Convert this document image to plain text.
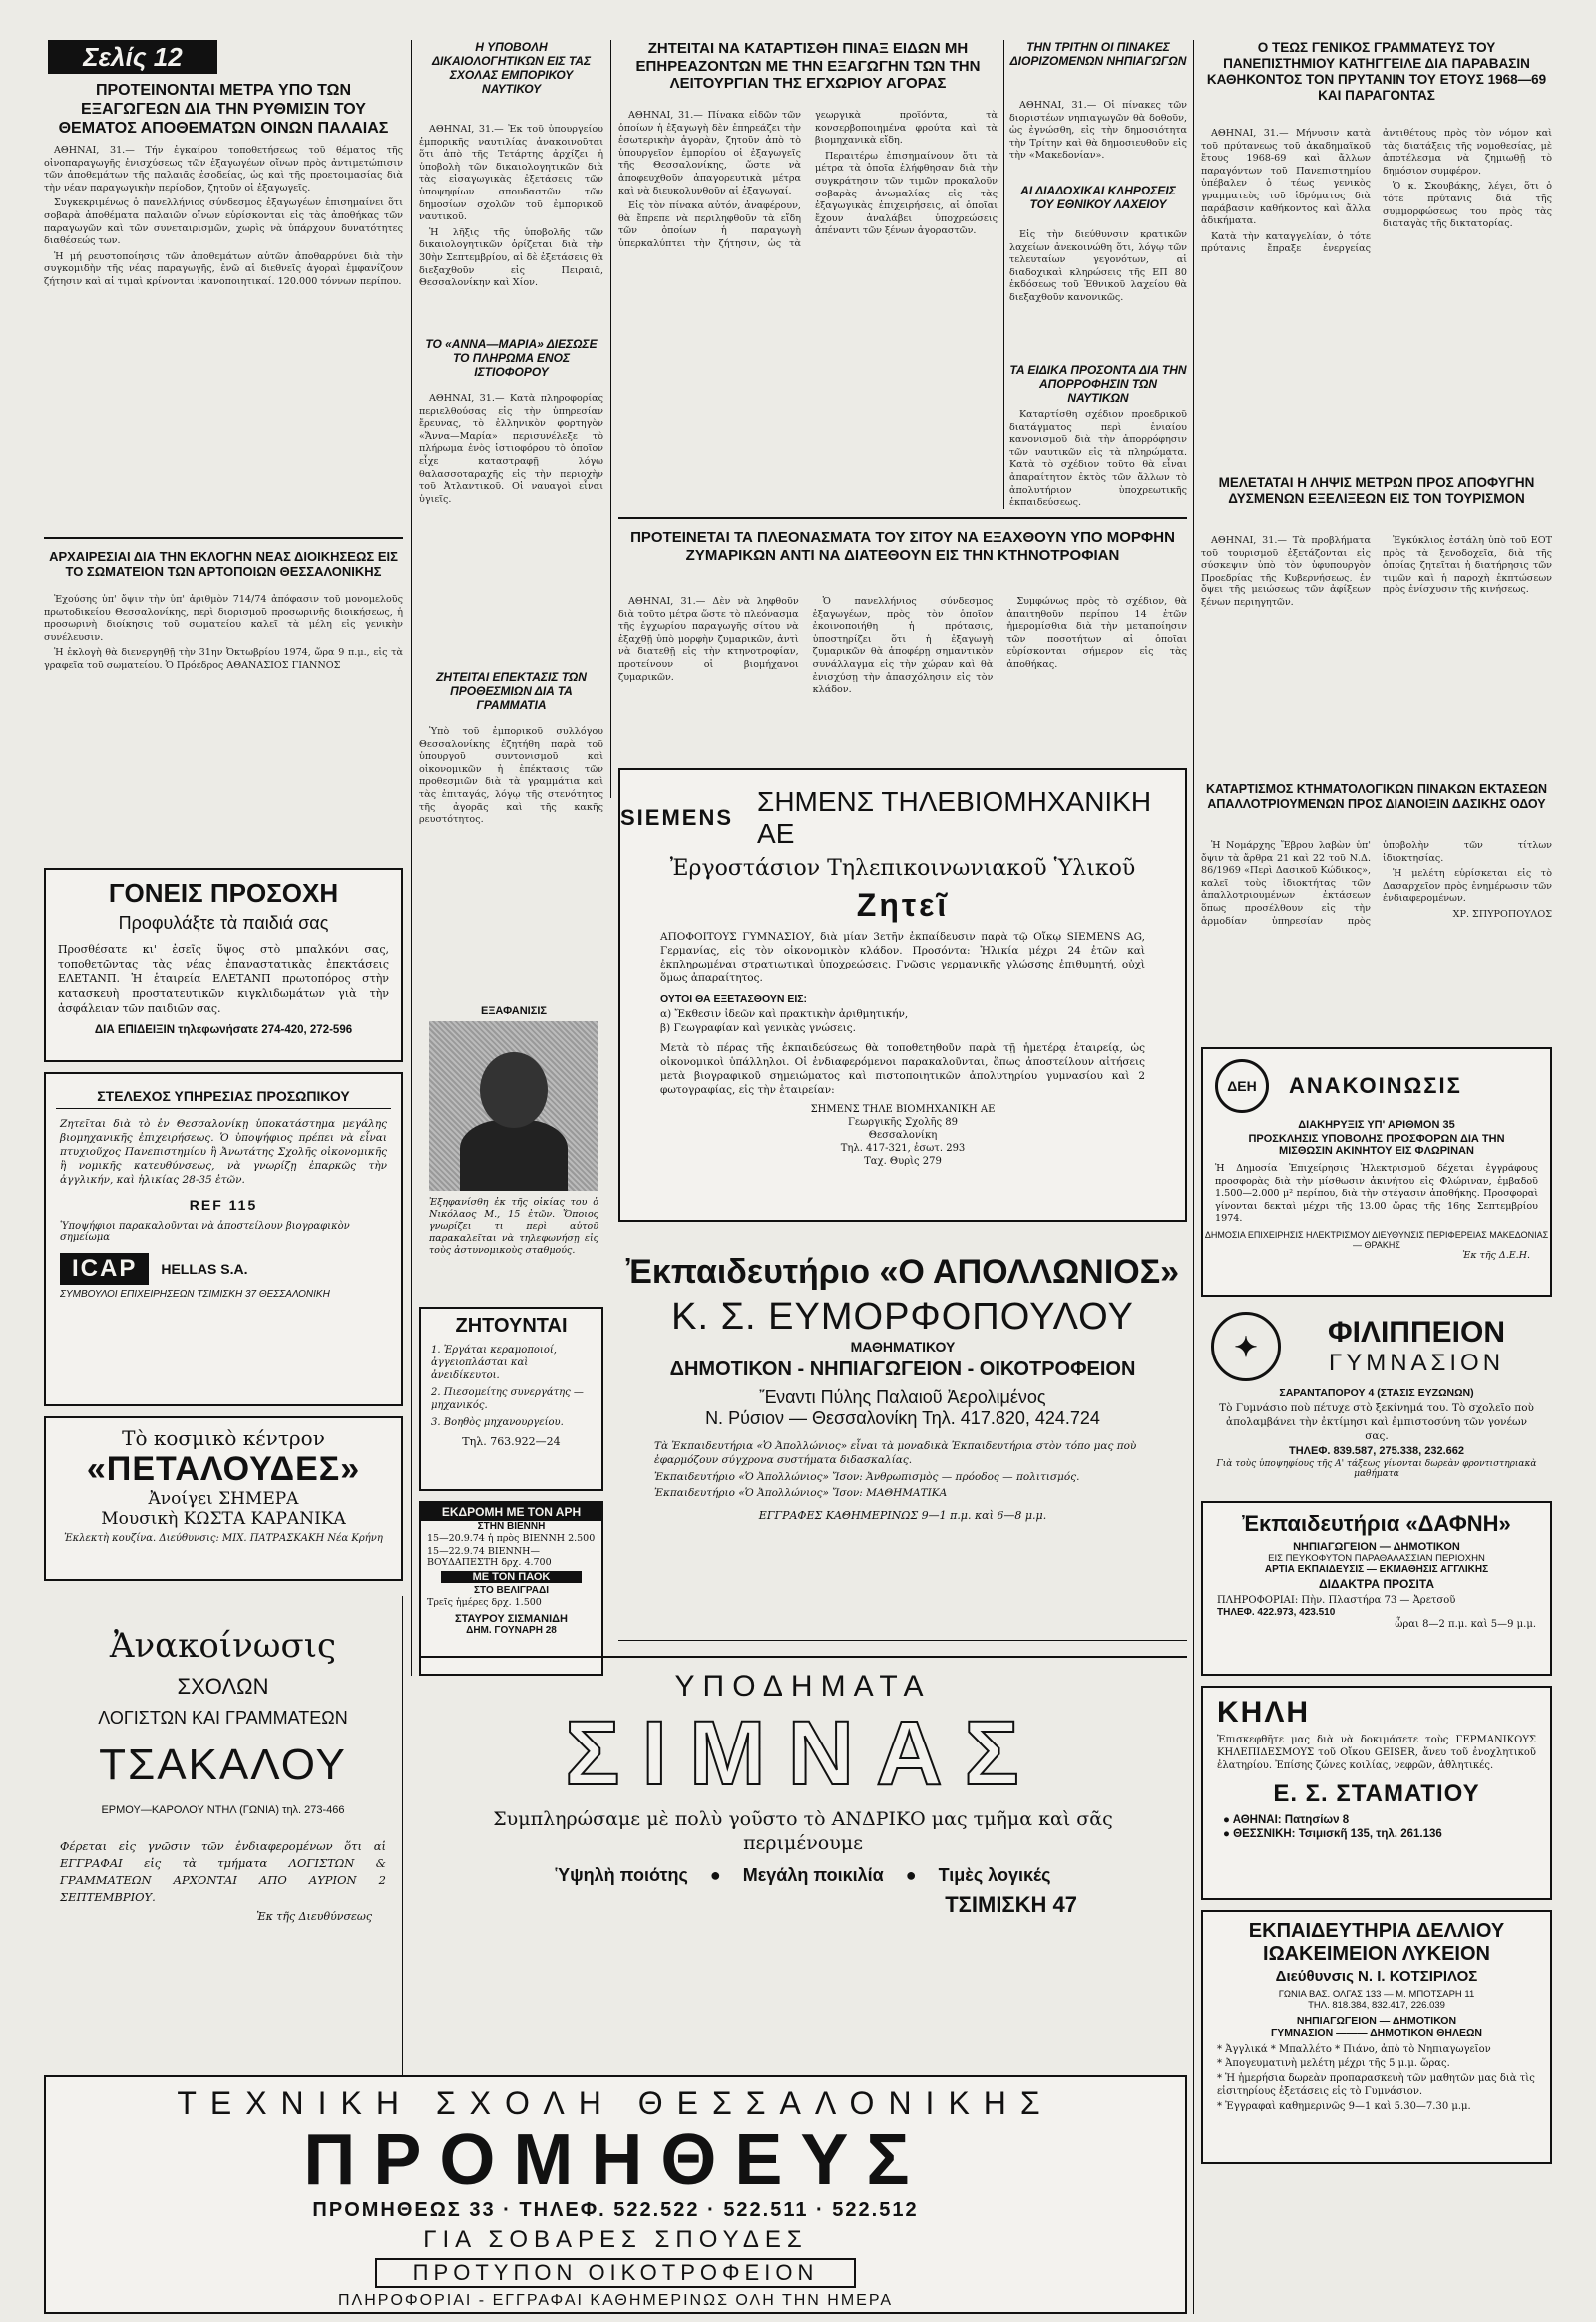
Σελίς 12
ΠΡΟΤΕΙΝΟΝΤΑΙ ΜΕΤΡΑ ΥΠΟ ΤΩΝ ΕΞΑΓΩΓΕΩΝ ΔΙΑ ΤΗΝ ΡΥΘΜΙΣΙΝ ΤΟΥ ΘΕΜΑΤΟΣ ΑΠΟΘΕΜΑΤΩΝ ΟΙΝΩΝ ΠΑΛΑΙΑΣ

ΑΘΗΝΑΙ, 31.— Τήν ἐγκαίρου τοποθετήσεως τοῦ θέματος τῆς οἰνοπαραγωγῆς ἐνισχύσεως τῶν ἐξαγωγέων οἴνων πρὸς ἀντιμετώπισιν τῶν ἀποθεμάτων τῆς παλαιᾶς ἐσοδείας, ὡς καὶ τῆς προετοιμασίας διὰ τὴν νέαν παραγωγικὴν περίοδον, ζητοῦν οἱ ἐξαγωγεῖς.

Συγκεκριμένως ὁ πανελλήνιος σύνδεσμος ἐξαγωγέων ἐπισημαίνει ὅτι σοβαρὰ ἀποθέματα παλαιῶν οἴνων εὑρίσκονται εἰς τὰς ἀποθήκας τῶν παραγωγῶν καὶ τῶν συνεταιρισμῶν, χωρὶς νὰ ὑπάρχουν δυνατότητες διαθέσεώς των.

Ἡ μή ρευστοποίησις τῶν ἀποθεμάτων αὐτῶν ἀποθαρρύνει διὰ τὴν συγκομιδὴν τῆς νέας παραγωγῆς, ἐνῶ αἱ διεθνεῖς ἀγοραὶ ἐμφανίζουν ζήτησιν καὶ αἱ τιμαὶ κρίνονται ἱκανοποιητικαί. 120.000 τόννων περίπου.

ΑΡΧΑΙΡΕΣΙΑΙ ΔΙΑ ΤΗΝ ΕΚΛΟΓΗΝ ΝΕΑΣ ΔΙΟΙΚΗΣΕΩΣ ΕΙΣ ΤΟ ΣΩΜΑΤΕΙΟΝ ΤΩΝ ΑΡΤΟΠΟΙΩΝ ΘΕΣΣΑΛΟΝΙΚΗΣ

Ἐχούσης ὑπ' ὄψιν τὴν ὑπ' ἀριθμὸν 714/74 ἀπόφασιν τοῦ μονομελοῦς πρωτοδικείου Θεσσαλονίκης, περὶ διορισμοῦ προσωρινῆς διοικήσεως, ἡ προσωρινὴ διοίκησις τοῦ σωματείου καλεῖ τὰ μέλη εἰς γενικὴν συνέλευσιν.

Ἡ ἐκλογὴ θὰ διενεργηθῇ τὴν 31ην Ὀκτωβρίου 1974, ὥρα 9 π.μ., εἰς τὰ γραφεῖα τοῦ σωματείου. Ὁ Πρόεδρος ΑΘΑΝΑΣΙΟΣ ΓΙΑΝΝΟΣ

ΓΟΝΕΙΣ ΠΡΟΣΟΧΗ
Προφυλάξτε τὰ παιδιά σας
Προσθέσατε κι' ἐσεῖς ὕψος στὸ μπαλκόνι σας, τοποθετῶντας τὰς νέας ἐπαναστατικὰς ἐπεκτάσεις ΕΛΕΤΑΝΠ. Ἡ ἑταιρεία ΕΛΕΤΑΝΠ πρωτοπόρος στὴν κατασκευὴ προστατευτικῶν κιγκλιδωμάτων γιὰ τὴν ἀσφάλειαν τῶν παιδιῶν σας.
ΔΙΑ ΕΠΙΔΕΙΞΙΝ τηλεφωνήσατε 274-420, 272-596
ΣΤΕΛΕΧΟΣ ΥΠΗΡΕΣΙΑΣ ΠΡΟΣΩΠΙΚΟΥ
Ζητεῖται διὰ τὸ ἐν Θεσσαλονίκῃ ὑποκατάστημα μεγάλης βιομηχανικῆς ἐπιχειρήσεως. Ὁ ὑποψήφιος πρέπει νὰ εἶναι πτυχιοῦχος Πανεπιστημίου ἢ Ἀνωτάτης Σχολῆς οἰκονομικῆς ἢ νομικῆς κατευθύνσεως, νὰ γνωρίζῃ ἐπαρκῶς τὴν ἀγγλικήν, καὶ ἡλικίας 28-35 ἐτῶν.
REF 115
Ὑποψήφιοι παρακαλοῦνται νὰ ἀποστείλουν βιογραφικὸν σημείωμα
ICAP	HELLAS S.A.
ΣΥΜΒΟΥΛΟΙ ΕΠΙΧΕΙΡΗΣΕΩΝ ΤΣΙΜΙΣΚΗ 37 ΘΕΣΣΑΛΟΝΙΚΗ
Τὸ κοσμικὸ κέντρον
«ΠΕΤΑΛΟΥΔΕΣ»
Ἀνοίγει ΣΗΜΕΡΑ
Μουσικὴ ΚΩΣΤΑ ΚΑΡΑΝΙΚΑ
Ἐκλεκτὴ κουζίνα. Διεύθυνσις: ΜΙΧ. ΠΑΤΡΑΣΚΑΚΗ Νέα Κρήνη
Ἀνακοίνωσις
ΣΧΟΛΩΝ
ΛΟΓΙΣΤΩΝ ΚΑΙ ΓΡΑΜΜΑΤΕΩΝ
ΤΣΑΚΑΛΟΥ
ΕΡΜΟΥ—ΚΑΡΟΛΟΥ ΝΤΗΛ (ΓΩΝΙΑ) τηλ. 273-466
Φέρεται εἰς γνῶσιν τῶν ἐνδιαφερομένων ὅτι αἱ ΕΓΓΡΑΦΑΙ εἰς τὰ τμήματα ΛΟΓΙΣΤΩΝ & ΓΡΑΜΜΑΤΕΩΝ ΑΡΧΟΝΤΑΙ ΑΠΟ ΑΥΡΙΟΝ 2 ΣΕΠΤΕΜΒΡΙΟΥ.
Ἐκ τῆς Διευθύνσεως
Η ΥΠΟΒΟΛΗ ΔΙΚΑΙΟΛΟΓΗΤΙΚΩΝ ΕΙΣ ΤΑΣ ΣΧΟΛΑΣ ΕΜΠΟΡΙΚΟΥ ΝΑΥΤΙΚΟΥ

ΑΘΗΝΑΙ, 31.— Ἐκ τοῦ ὑπουργείου ἐμπορικῆς ναυτιλίας ἀνακοινοῦται ὅτι ἀπὸ τῆς Τετάρτης ἀρχίζει ἡ ὑποβολὴ τῶν δικαιολογητικῶν διὰ τὰς εἰσαγωγικὰς ἐξετάσεις τῶν ὑποψηφίων σπουδαστῶν τῶν δημοσίων σχολῶν τοῦ ἐμπορικοῦ ναυτικοῦ.

Ἡ λῆξις τῆς ὑποβολῆς τῶν δικαιολογητικῶν ὁρίζεται διὰ τὴν 30ὴν Σεπτεμβρίου, αἱ δὲ ἐξετάσεις θὰ διεξαχθοῦν εἰς Πειραιᾶ, Θεσσαλονίκην καὶ Χίον.

ΤΟ «ΑΝΝΑ—ΜΑΡΙΑ» ΔΙΕΣΩΣΕ ΤΟ ΠΛΗΡΩΜΑ ΕΝΟΣ ΙΣΤΙΟΦΟΡΟΥ

ΑΘΗΝΑΙ, 31.— Κατὰ πληροφορίας περιελθούσας εἰς τὴν ὑπηρεσίαν ἔρευνας, τὸ ἑλληνικὸν φορτηγὸν «Ἄννα—Μαρία» περισυνέλεξε τὸ πλήρωμα ἐνὸς ἰστιοφόρου τὸ ὁποῖον εἶχε καταστραφῇ λόγω θαλασσοταραχῆς εἰς τὴν περιοχὴν τοῦ Ἀτλαντικοῦ. Οἱ ναυαγοὶ εἶναι ὑγιεῖς.

ΖΗΤΕΙΤΑΙ ΕΠΕΚΤΑΣΙΣ ΤΩΝ ΠΡΟΘΕΣΜΙΩΝ ΔΙΑ ΤΑ ΓΡΑΜΜΑΤΙΑ

Ὑπὸ τοῦ ἐμπορικοῦ συλλόγου Θεσσαλονίκης ἐζητήθη παρὰ τοῦ ὑπουργοῦ συντονισμοῦ καὶ οἰκονομικῶν ἡ ἐπέκτασις τῶν προθεσμιῶν διὰ τὰ γραμμάτια καὶ τὰς ἐπιταγάς, λόγῳ τῆς στενότητος τῆς ἀγορᾶς καὶ τῆς κακῆς ρευστότητος.

ΕΞΑΦΑΝΙΣΙΣ
Ἐξηφανίσθη ἐκ τῆς οἰκίας του ὁ Νικόλαος Μ., 15 ἐτῶν. Ὅποιος γνωρίζει τι περὶ αὐτοῦ παρακαλεῖται νὰ τηλεφωνήσῃ εἰς τοὺς ἀστυνομικοὺς σταθμούς.
ΖΗΤΟΥΝΤΑΙ
1. Ἐργάται κεραμοποιοί, ἀγγειοπλάσται καὶ ἀνειδίκευτοι.
2. Πιεσομείτης συνεργάτης — μηχανικός.
3. Βοηθὸς μηχανουργείου.
Τηλ. 763.922—24
ΕΚΔΡΟΜΗ ΜΕ ΤΟΝ ΑΡΗ
ΣΤΗΝ ΒΙΕΝΝΗ
15—20.9.74 ἡ πρὸς ΒΙΕΝΝΗ 2.500
15—22.9.74 ΒΙΕΝΝΗ—ΒΟΥΔΑΠΕΣΤΗ δρχ. 4.700
ΜΕ ΤΟΝ ΠΑΟΚ
ΣΤΟ ΒΕΛΙΓΡΑΔΙ
Τρεῖς ἡμέρες δρχ. 1.500
ΣΤΑΥΡΟΥ ΣΙΣΜΑΝΙΔΗ
ΔΗΜ. ΓΟΥΝΑΡΗ 28
ΖΗΤΕΙΤΑΙ ΝΑ ΚΑΤΑΡΤΙΣΘΗ ΠΙΝΑΞ ΕΙΔΩΝ ΜΗ ΕΠΗΡΕΑΖΟΝΤΩΝ ΜΕ ΤΗΝ ΕΞΑΓΩΓΗΝ ΤΩΝ ΤΗΝ ΛΕΙΤΟΥΡΓΙΑΝ ΤΗΣ ΕΓΧΩΡΙΟΥ ΑΓΟΡΑΣ

ΑΘΗΝΑΙ, 31.— Πίνακα εἰδῶν τῶν ὁποίων ἡ ἐξαγωγὴ δὲν ἐπηρεάζει τὴν ἐσωτερικὴν ἀγορὰν, ζητοῦν ἀπὸ τὸ ὑπουργεῖον ἐμπορίου οἱ ἐξαγωγεῖς τῆς Θεσσαλονίκης, ὥστε νὰ ἀποφευχθοῦν ἀπαγορευτικὰ μέτρα καὶ νὰ διευκολυνθοῦν αἱ ἐξαγωγαί.

Εἰς τὸν πίνακα αὐτόν, ἀναφέρουν, θὰ ἔπρεπε νὰ περιληφθοῦν τὰ εἴδη τῶν ὁποίων ἡ παραγωγὴ ὑπερκαλύπτει τὴν ζήτησιν, ὡς τὰ γεωργικὰ προϊόντα, τὰ κονσερβοποιημένα φρούτα καὶ τὰ βιομηχανικὰ εἴδη.

Περαιτέρω ἐπισημαίνουν ὅτι τὰ μέτρα τὰ ὁποῖα ἐλήφθησαν διὰ τὴν συγκράτησιν τῶν τιμῶν προκαλοῦν σοβαρὰς ἀνωμαλίας εἰς τὰς ἐξαγωγικὰς ἐπιχειρήσεις, αἱ ὁποῖαι ἔχουν ἀναλάβει ὑποχρεώσεις ἀπέναντι τῶν ξένων ἀγοραστῶν.

ΠΡΟΤΕΙΝΕΤΑΙ ΤΑ ΠΛΕΟΝΑΣΜΑΤΑ ΤΟΥ ΣΙΤΟΥ ΝΑ ΕΞΑΧΘΟΥΝ ΥΠΟ ΜΟΡΦΗΝ ΖΥΜΑΡΙΚΩΝ ΑΝΤΙ ΝΑ ΔΙΑΤΕΘΟΥΝ ΕΙΣ ΤΗΝ ΚΤΗΝΟΤΡΟΦΙΑΝ

ΑΘΗΝΑΙ, 31.— Δὲν νὰ ληφθοῦν διὰ τοῦτο μέτρα ὥστε τὸ πλεόνασμα τῆς ἐγχωρίου παραγωγῆς σίτου νὰ ἐξαχθῇ ὑπὸ μορφὴν ζυμαρικῶν, ἀντὶ νὰ διατεθῇ εἰς τὴν κτηνοτροφίαν, προτείνουν οἱ βιομήχανοι ζυμαρικῶν.

Ὁ πανελλήνιος σύνδεσμος ἐξαγωγέων, πρὸς τὸν ὁποῖον ἐκοινοποιήθη ἡ πρότασις, ὑποστηρίζει ὅτι ἡ ἐξαγωγὴ ζυμαρικῶν θὰ ἀποφέρῃ σημαντικὸν συνάλλαγμα εἰς τὴν χώραν καὶ θὰ ἐνισχύσῃ τὴν ἀπασχόλησιν εἰς τὸν κλάδον.

Συμφώνως πρὸς τὸ σχέδιον, θὰ ἀπαιτηθοῦν περίπου 14 ἐτῶν ἡμερομίσθια διὰ τὴν μεταποίησιν τῶν ποσοτήτων αἱ ὁποῖαι εὑρίσκονται σήμερον εἰς τὰς ἀποθήκας.

ΤΗΝ ΤΡΙΤΗΝ ΟΙ ΠΙΝΑΚΕΣ ΔΙΟΡΙΖΟΜΕΝΩΝ ΝΗΠΙΑΓΩΓΩΝ

ΑΘΗΝΑΙ, 31.— Οἱ πίνακες τῶν διοριστέων νηπιαγωγῶν θὰ δοθοῦν, ὡς ἐγνώσθη, εἰς τὴν δημοσιότητα τὴν Τρίτην καὶ θὰ δημοσιευθοῦν εἰς τὴν «Μακεδονίαν».

ΑΙ ΔΙΑΔΟΧΙΚΑΙ ΚΛΗΡΩΣΕΙΣ ΤΟΥ ΕΘΝΙΚΟΥ ΛΑΧΕΙΟΥ

Εἰς τὴν διεύθυνσιν κρατικῶν λαχείων ἀνεκοινώθη ὅτι, λόγῳ τῶν τελευταίων γεγονότων, αἱ διαδοχικαὶ κληρώσεις τῆς ΕΠ 80 ἐκδόσεως τοῦ Ἐθνικοῦ λαχείου θὰ διεξαχθοῦν κανονικῶς.

ΤΑ ΕΙΔΙΚΑ ΠΡΟΣΟΝΤΑ ΔΙΑ ΤΗΝ ΑΠΟΡΡΟΦΗΣΙΝ ΤΩΝ ΝΑΥΤΙΚΩΝ

Καταρτίσθη σχέδιον προεδρικοῦ διατάγματος περὶ ἐνιαίου κανονισμοῦ διὰ τὴν ἀπορρόφησιν τῶν ναυτικῶν εἰς τὰ πληρώματα. Κατὰ τὸ σχέδιον τοῦτο θὰ εἶναι ἀπαραίτητον ἐκτὸς τῶν ἄλλων τὸ ἀπολυτήριον ὑποχρεωτικῆς ἐκπαιδεύσεως.

SIEMENS
ΣΗΜΕΝΣ ΤΗΛΕΒΙΟΜΗΧΑΝΙΚΗ ΑΕ
Ἐργοστάσιον Τηλεπικοινωνιακοῦ Ὑλικοῦ
Ζητεῖ
ΑΠΟΦΟΙΤΟΥΣ ΓΥΜΝΑΣΙΟΥ, διὰ μίαν 3ετῆν ἐκπαίδευσιν παρὰ τῷ Οἴκῳ SIEMENS AG, Γερμανίας, εἰς τὸν οἰκονομικὸν κλάδον. Προσόντα: Ἡλικία μέχρι 24 ἐτῶν καὶ ἐκπληρωμέναι στρατιωτικαὶ ὑποχρεώσεις. Γνῶσις γερμανικῆς γλώσσης ἐπιθυμητή, οὐχὶ ὅμως ἀπαραίτητος.
ΟΥΤΟΙ ΘΑ ΕΞΕΤΑΣΘΟΥΝ ΕΙΣ:
α) Ἔκθεσιν ἰδεῶν καὶ πρακτικὴν ἀριθμητικήν,
β) Γεωγραφίαν καὶ γενικὰς γνώσεις.
Μετὰ τὸ πέρας τῆς ἐκπαιδεύσεως θὰ τοποθετηθοῦν παρὰ τῇ ἡμετέρᾳ ἑταιρείᾳ, ὡς οἰκονομικοὶ ὑπάλληλοι. Οἱ ἐνδιαφερόμενοι παρακαλοῦνται, ὅπως ἀποστείλουν αἰτήσεις μετὰ βιογραφικοῦ σημειώματος καὶ πιστοποιητικῶν ἀπολυτηρίου γυμνασίου καὶ 2 φωτογραφίας, εἰς τὴν ἑταιρείαν:
ΣΗΜΕΝΣ ΤΗΛΕ ΒΙΟΜΗΧΑΝΙΚΗ ΑΕ
Γεωργικῆς Σχολῆς 89
Θεσσαλονίκη
Τηλ. 417-321, ἐσωτ. 293
Ταχ. Θυρὶς 279
Ἐκπαιδευτήριο «Ο ΑΠΟΛΛΩΝΙΟΣ»
Κ. Σ. ΕΥΜΟΡΦΟΠΟΥΛΟΥ
ΜΑΘΗΜΑΤΙΚΟΥ
ΔΗΜΟΤΙΚΟΝ - ΝΗΠΙΑΓΩΓΕΙΟΝ - ΟΙΚΟΤΡΟΦΕΙΟΝ
Ἔναντι Πύλης Παλαιοῦ Ἀερολιμένος
Ν. Ρύσιον — Θεσσαλονίκη Τηλ. 417.820, 424.724
Τὰ Ἐκπαιδευτήρια «Ὁ Ἀπολλώνιος» εἶναι τὰ μοναδικὰ Ἐκπαιδευτήρια στὸν τόπο μας ποὺ ἐφαρμόζουν σύγχρονα συστήματα διδασκαλίας.
Ἐκπαιδευτήριο «Ὁ Ἀπολλώνιος» Ἴσον: Ἀνθρωπισμὸς — πρόοδος — πολιτισμός.
Ἐκπαιδευτήριο «Ὁ Ἀπολλώνιος» Ἴσον: ΜΑΘΗΜΑΤΙΚΑ
ΕΓΓΡΑΦΕΣ ΚΑΘΗΜΕΡΙΝΩΣ 9—1 π.μ. καὶ 6—8 μ.μ.
ΥΠΟΔΗΜΑΤΑ
ΣΙΜΝΑΣ
Συμπληρώσαμε μὲ πολὺ γοῦστο τὸ ΑΝΔΡΙΚΟ μας τμῆμα καὶ σᾶς περιμένουμε
Ὑψηλὴ ποιότης ● Μεγάλη ποικιλία ● Τιμὲς λογικές
ΤΣΙΜΙΣΚΗ 47
ΤΕΧΝΙΚΗ ΣΧΟΛΗ ΘΕΣΣΑΛΟΝΙΚΗΣ
ΠΡΟΜΗΘΕΥΣ
ΠΡΟΜΗΘΕΩΣ 33 · ΤΗΛΕΦ. 522.522 · 522.511 · 522.512
ΓΙΑ ΣΟΒΑΡΕΣ ΣΠΟΥΔΕΣ
ΠΡΟΤΥΠΟΝ ΟΙΚΟΤΡΟΦΕΙΟΝ
ΠΛΗΡΟΦΟΡΙΑΙ - ΕΓΓΡΑΦΑΙ ΚΑΘΗΜΕΡΙΝΩΣ ΟΛΗ ΤΗΝ ΗΜΕΡΑ
Ο ΤΕΩΣ ΓΕΝΙΚΟΣ ΓΡΑΜΜΑΤΕΥΣ ΤΟΥ ΠΑΝΕΠΙΣΤΗΜΙΟΥ ΚΑΤΗΓΓΕΙΛΕ ΔΙΑ ΠΑΡΑΒΑΣΙΝ ΚΑΘΗΚΟΝΤΟΣ ΤΟΝ ΠΡΥΤΑΝΙΝ ΤΟΥ ΕΤΟΥΣ 1968—69 ΚΑΙ ΠΑΡΑΓΟΝΤΑΣ

ΑΘΗΝΑΙ, 31.— Μήνυσιν κατὰ τοῦ πρύτανεως τοῦ ἀκαδημαϊκοῦ ἔτους 1968-69 καὶ ἄλλων παραγόντων τοῦ Πανεπιστημίου ὑπέβαλεν ὁ τέως γενικὸς γραμματεὺς τοῦ ἱδρύματος διὰ παράβασιν καθήκοντος καὶ ἄλλα ἀδικήματα.

Κατὰ τὴν καταγγελίαν, ὁ τότε πρύτανις ἔπραξε ἐνεργείας ἀντιθέτους πρὸς τὸν νόμον καὶ τὰς διατάξεις τῆς νομοθεσίας, μὲ ἀποτέλεσμα νὰ ζημιωθῇ τὸ δημόσιον συμφέρον.

Ὁ κ. Σκουβάκης, λέγει, ὅτι ὁ τότε πρύτανις διὰ τῆς συμμορφώσεως του πρὸς τὰς διαταγὰς τῆς δικτατορίας.

ΜΕΛΕΤΑΤΑΙ Η ΛΗΨΙΣ ΜΕΤΡΩΝ ΠΡΟΣ ΑΠΟΦΥΓΗΝ ΔΥΣΜΕΝΩΝ ΕΞΕΛΙΞΕΩΝ ΕΙΣ ΤΟΝ ΤΟΥΡΙΣΜΟΝ

ΑΘΗΝΑΙ, 31.— Τὰ προβλήματα τοῦ τουρισμοῦ ἐξετάζονται εἰς σύσκεψιν ὑπὸ τὸν ὑφυπουργὸν Προεδρίας τῆς Κυβερνήσεως, ἐν ὄψει τῆς μειώσεως τῶν ἀφίξεων ξένων περιηγητῶν.

Ἐγκύκλιος ἐστάλη ὑπὸ τοῦ ΕΟΤ πρὸς τὰ ξενοδοχεῖα, διὰ τῆς ὁποίας ζητεῖται ἡ διατήρησις τῶν τιμῶν καὶ ἡ παροχὴ ἐκπτώσεων πρὸς ἐνίσχυσιν τῆς κινήσεως.

ΚΑΤΑΡΤΙΣΜΟΣ ΚΤΗΜΑΤΟΛΟΓΙΚΩΝ ΠΙΝΑΚΩΝ ΕΚΤΑΣΕΩΝ ΑΠΑΛΛΟΤΡΙΟΥΜΕΝΩΝ ΠΡΟΣ ΔΙΑΝΟΙΞΙΝ ΔΑΣΙΚΗΣ ΟΔΟΥ

Ἡ Νομάρχης Ἔβρου λαβὼν ὑπ' ὄψιν τὰ ἄρθρα 21 καὶ 22 τοῦ Ν.Δ. 86/1969 «Περὶ Δασικοῦ Κώδικος», καλεῖ τοὺς ἰδιοκτήτας τῶν ἀπαλλοτριουμένων ἐκτάσεων ὅπως προσέλθουν εἰς τὴν ἁρμοδίαν ὑπηρεσίαν πρὸς ὑποβολὴν τῶν τίτλων ἰδιοκτησίας.

Ἡ μελέτη εὑρίσκεται εἰς τὸ Δασαρχεῖον πρὸς ἐνημέρωσιν τῶν ἐνδιαφερομένων.

ΧΡ. ΣΠΥΡΟΠΟΥΛΟΣ

ΔΕΗ	ΑΝΑΚΟΙΝΩΣΙΣ
ΔΙΑΚΗΡΥΞΙΣ ΥΠ' ΑΡΙΘΜΟΝ 35
ΠΡΟΣΚΛΗΣΙΣ ΥΠΟΒΟΛΗΣ ΠΡΟΣΦΟΡΩΝ ΔΙΑ ΤΗΝ ΜΙΣΘΩΣΙΝ ΑΚΙΝΗΤΟΥ ΕΙΣ ΦΛΩΡΙΝΑΝ
Ἡ Δημοσία Ἐπιχείρησις Ἠλεκτρισμοῦ δέχεται ἐγγράφους προσφορὰς διὰ τὴν μίσθωσιν ἀκινήτου εἰς Φλώριναν, ἐμβαδοῦ 1.500—2.000 μ² περίπου, διὰ τὴν στέγασιν ἀποθήκης. Προσφοραὶ γίνονται δεκταὶ μέχρι τῆς 13.00 ὥρας τῆς 16ης Σεπτεμβρίου 1974.
ΔΗΜΟΣΙΑ ΕΠΙΧΕΙΡΗΣΙΣ ΗΛΕΚΤΡΙΣΜΟΥ ΔΙΕΥΘΥΝΣΙΣ ΠΕΡΙΦΕΡΕΙΑΣ ΜΑΚΕΔΟΝΙΑΣ — ΘΡΑΚΗΣ
Ἐκ τῆς Δ.Ε.Η.
✦	ΦΙΛΙΠΠΕΙΟΝ
ΓΥΜΝΑΣΙΟΝ
ΣΑΡΑΝΤΑΠΟΡΟΥ 4 (ΣΤΑΣΙΣ ΕΥΖΩΝΩΝ)
Τὸ Γυμνάσιο ποὺ πέτυχε στὸ ξεκίνημά του. Τὸ σχολεῖο ποὺ ἀπολαμβάνει τὴν ἐκτίμησι καὶ ἐμπιστοσύνη τῶν γονέων σας.
ΤΗΛΕΦ. 839.587, 275.338, 232.662
Γιὰ τοὺς ὑποψηφίους τῆς Α' τάξεως γίνονται δωρεὰν φροντιστηριακὰ μαθήματα
Ἐκπαιδευτήρια «ΔΑΦΝΗ»
ΝΗΠΙΑΓΩΓΕΙΟΝ — ΔΗΜΟΤΙΚΟΝ
ΕΙΣ ΠΕΥΚΟΦΥΤΟΝ ΠΑΡΑΘΑΛΑΣΣΙΑΝ ΠΕΡΙΟΧΗΝ
ΑΡΤΙΑ ΕΚΠΑΙΔΕΥΣΙΣ — ΕΚΜΑΘΗΣΙΣ ΑΓΓΛΙΚΗΣ
ΔΙΔΑΚΤΡΑ ΠΡΟΣΙΤΑ
ΠΛΗΡΟΦΟΡΙΑΙ: Πὴν. Πλαστήρα 73 — Ἀρετσοῦ
ΤΗΛΕΦ. 422.973, 423.510
ὧραι 8—2 π.μ. καὶ 5—9 μ.μ.
ΚΗΛΗ
Ἐπισκεφθῆτε μας διὰ νὰ δοκιμάσετε τοὺς ΓΕΡΜΑΝΙΚΟΥΣ ΚΗΛΕΠΙΔΕΣΜΟΥΣ τοῦ Οἴκου GEISER, ἄνευ τοῦ ἐνοχλητικοῦ ἐλατηρίου. Ἐπίσης ζώνες κοιλίας, νεφρῶν, ἀθλητικές.
Ε. Σ. ΣΤΑΜΑΤΙΟΥ
● ΑΘΗΝΑΙ: Πατησίων 8
● ΘΕΣΣΝΙΚΗ: Τσιμισκῆ 135, τηλ. 261.136
ΕΚΠΑΙΔΕΥΤΗΡΙΑ ΔΕΛΛΙΟΥ
ΙΩΑΚΕΙΜΕΙΟΝ ΛΥΚΕΙΟΝ
Διεύθυνσις Ν. Ι. ΚΟΤΣΙΡΙΛΟΣ
ΓΩΝΙΑ ΒΑΣ. ΟΛΓΑΣ 133 — Μ. ΜΠΟΤΣΑΡΗ 11
ΤΗΛ. 818.384, 832.417, 226.039
ΝΗΠΙΑΓΩΓΕΙΟΝ — ΔΗΜΟΤΙΚΟΝ
ΓΥΜΝΑΣΙΟΝ ——— ΔΗΜΟΤΙΚΟΝ ΘΗΛΕΩΝ
* Ἀγγλικά * Μπαλλέτο * Πιάνο, ἀπὸ τὸ Νηπιαγωγεῖον
* Ἀπογευματινὴ μελέτη μέχρι τῆς 5 μ.μ. ὥρας.
* Ἡ ἡμερήσια δωρεὰν προπαρασκευὴ τῶν μαθητῶν μας διὰ τὶς εἰσιτηρίους ἐξετάσεις εἰς τὸ Γυμνάσιον.
* Ἐγγραφαὶ καθημερινῶς 9—1 καὶ 5.30—7.30 μ.μ.
